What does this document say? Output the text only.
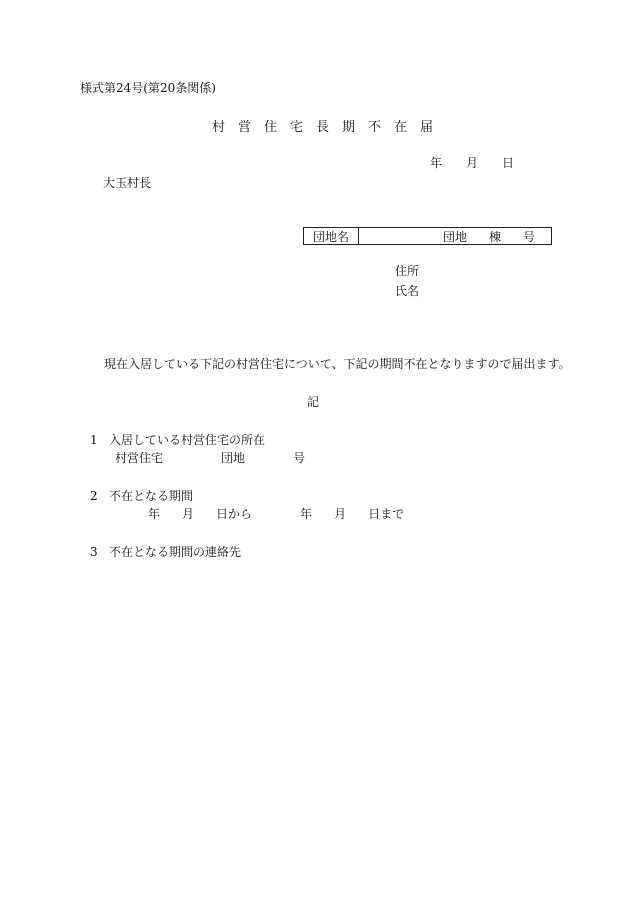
様式第24号(第20条関係)
村営住宅長期不在届
年 月 日
大玉村長
団地名	団地 棟 号
住所
氏名
現在入居している下記の村営住宅について、下記の期間不在となりますので届出ます。
記
1 入居している村営住宅の所在
村営住宅	団地	号
2 不在となる期間
年 月 日から	年 月 日まで
3 不在となる期間の連絡先
